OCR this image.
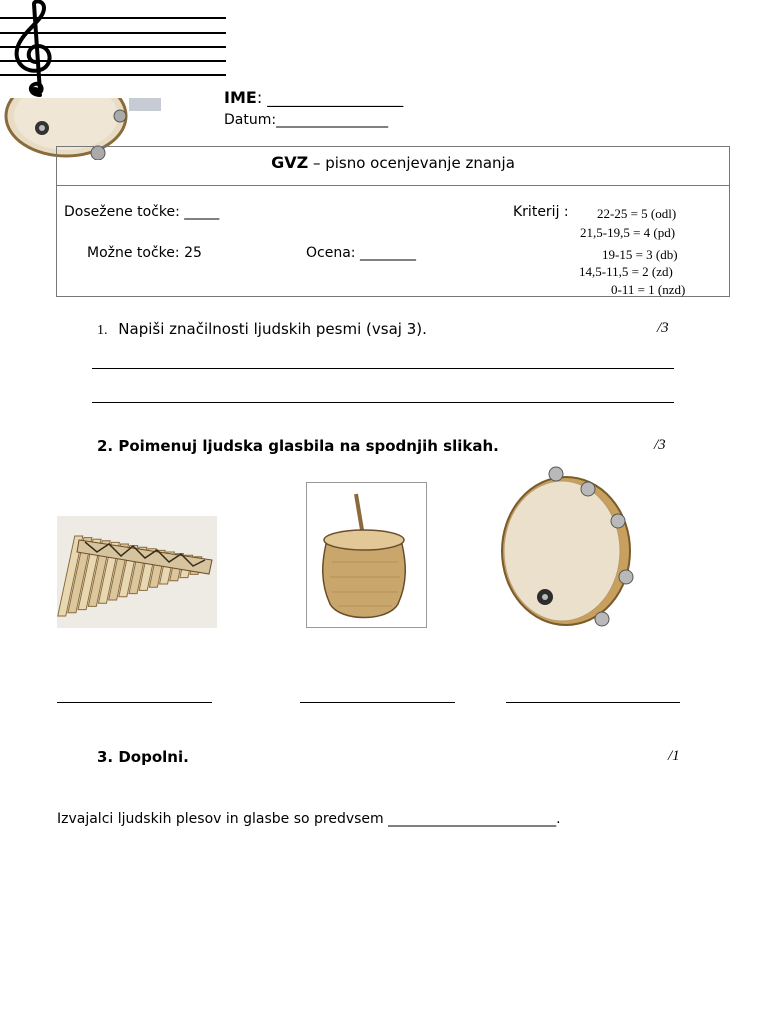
IME: _________________
Datum:________________
GVZ – pisno ocenjevanje znanja
Dosežene točke: _____
Možne točke: 25	Ocena: ________
Kriterij : 22-25 = 5 (odl)
21,5-19,5 = 4 (pd)
19-15 = 3 (db)
14,5-11,5 = 2 (zd)
0-11 = 1 (nzd)
1. Napiši značilnosti ljudskih pesmi (vsaj 3).	/3
2. Poimenuj ljudska glasbila na spodnjih slikah.	/3
3. Dopolni.	/1
Izvajalci ljudskih plesov in glasbe so predvsem ________________________.
